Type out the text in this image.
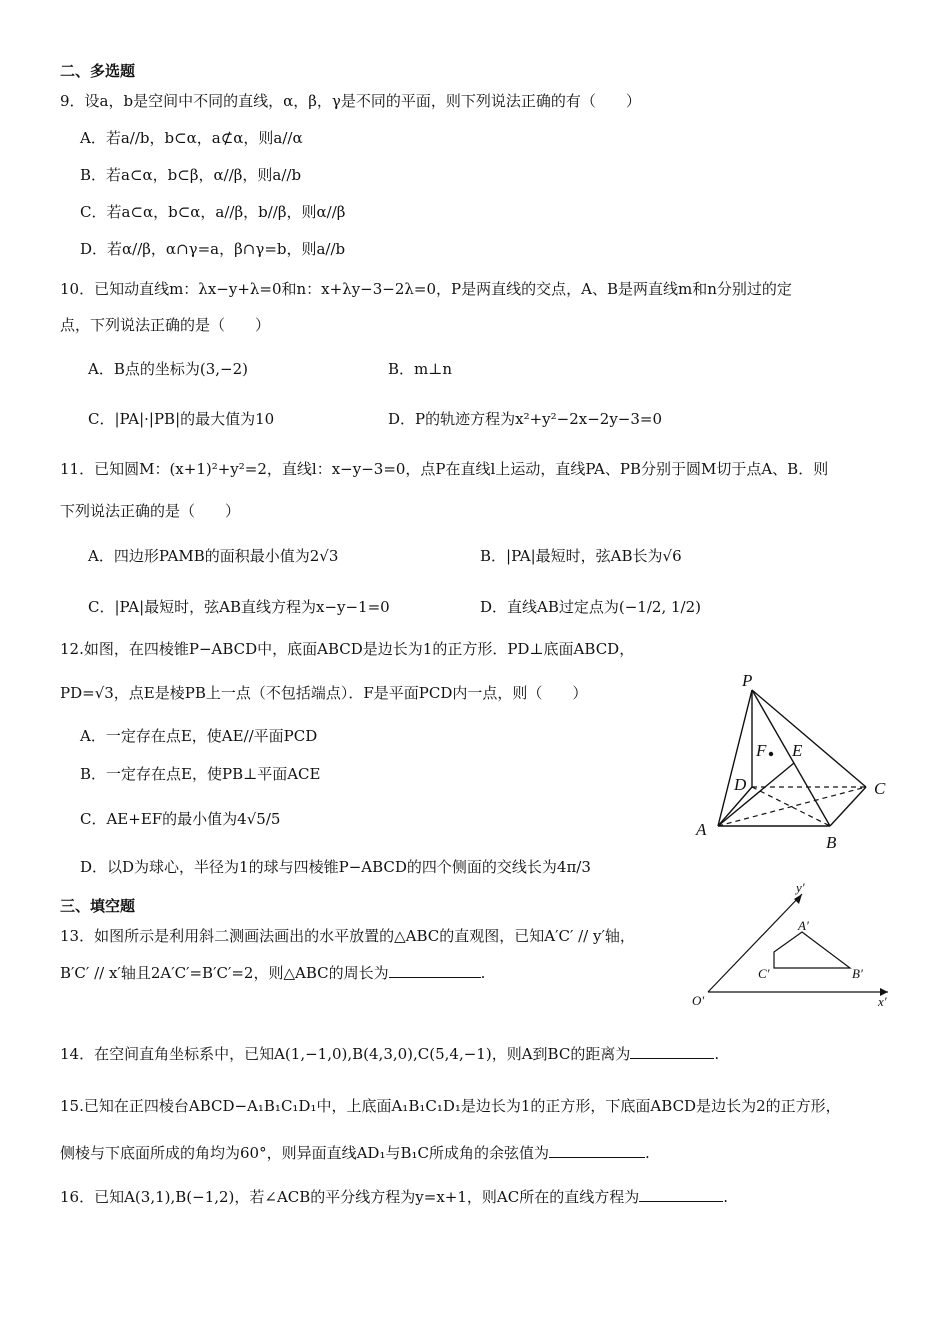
二、多选题
9．设a，b是空间中不同的直线，α，β，γ是不同的平面，则下列说法正确的有（　　）
A．若a//b，b⊂α，a⊄α，则a//α
B．若a⊂α，b⊂β，α//β，则a//b
C．若a⊂α，b⊂α，a//β，b//β，则α//β
D．若α//β，α∩γ=a，β∩γ=b，则a//b
10．已知动直线m：λx−y+λ=0和n：x+λy−3−2λ=0，P是两直线的交点，A、B是两直线m和n分别过的定
点，下列说法正确的是（　　）
A．B点的坐标为(3,−2)	B．m⊥n
C．|PA|·|PB|的最大值为10	D．P的轨迹方程为x²+y²−2x−2y−3=0
11．已知圆M：(x+1)²+y²=2，直线l：x−y−3=0，点P在直线l上运动，直线PA、PB分别于圆M切于点A、B．则
下列说法正确的是（　　）
A．四边形PAMB的面积最小值为2√3	B．|PA|最短时，弦AB长为√6
C．|PA|最短时，弦AB直线方程为x−y−1=0	D．直线AB过定点为(−1/2, 1/2)
12.如图，在四棱锥P−ABCD中，底面ABCD是边长为1的正方形．PD⊥底面ABCD，
PD=√3，点E是棱PB上一点（不包括端点）．F是平面PCD内一点，则（　　）
A．一定存在点E，使AE//平面PCD
B．一定存在点E，使PB⊥平面ACE
C．AE+EF的最小值为4√5/5
D．以D为球心，半径为1的球与四棱锥P−ABCD的四个侧面的交线长为4π/3
P
F E
D	C
A
B
三、填空题
13．如图所示是利用斜二测画法画出的水平放置的△ABC的直观图，已知A′C′ // y′轴，
B′C′ // x′轴且2A′C′=B′C′=2，则△ABC的周长为	.
y′
x′
O′
A′
B′
C′
14．在空间直角坐标系中，已知A(1,−1,0),B(4,3,0),C(5,4,−1)，则A到BC的距离为	.
15.已知在正四棱台ABCD−A₁B₁C₁D₁中，上底面A₁B₁C₁D₁是边长为1的正方形，下底面ABCD是边长为2的正方形，
侧棱与下底面所成的角均为60°，则异面直线AD₁与B₁C所成角的余弦值为	.
16．已知A(3,1),B(−1,2)，若∠ACB的平分线方程为y=x+1，则AC所在的直线方程为	.
